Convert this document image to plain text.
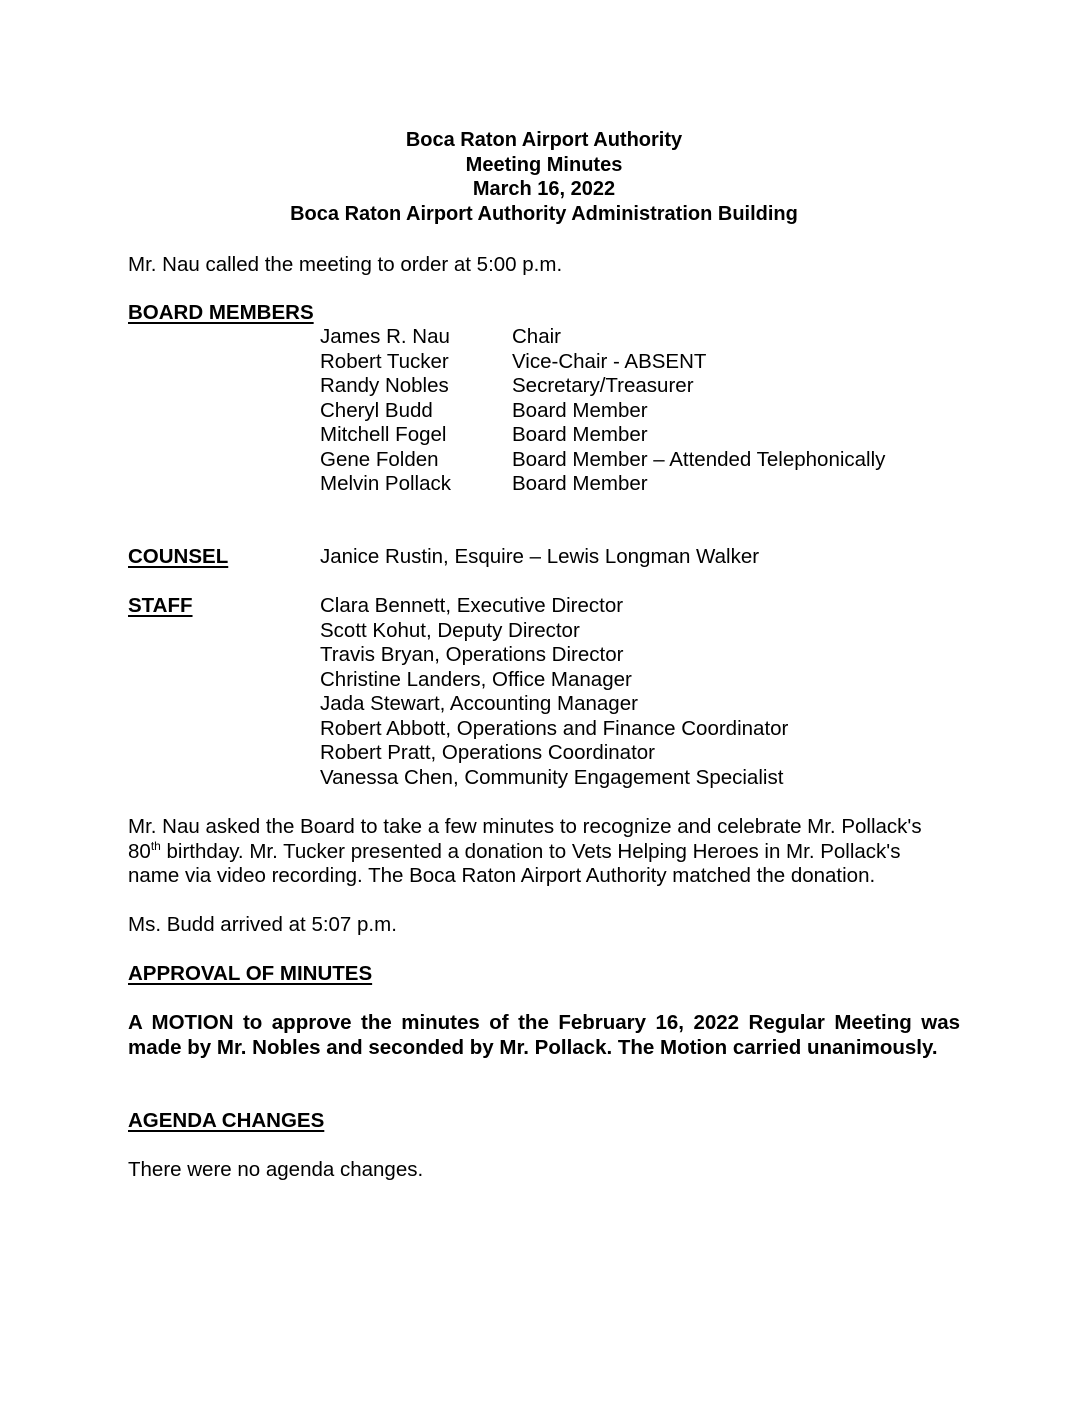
Boca Raton Airport Authority
Meeting Minutes
March 16, 2022
Boca Raton Airport Authority Administration Building
Mr. Nau called the meeting to order at 5:00 p.m.
BOARD MEMBERS
James R. Nau	Chair
Robert Tucker	Vice-Chair - ABSENT
Randy Nobles	Secretary/Treasurer
Cheryl Budd	Board Member
Mitchell Fogel	Board Member
Gene Folden	Board Member – Attended Telephonically
Melvin Pollack	Board Member
COUNSEL	Janice Rustin, Esquire – Lewis Longman Walker
STAFF	Clara Bennett, Executive Director
Scott Kohut, Deputy Director
Travis Bryan, Operations Director
Christine Landers, Office Manager
Jada Stewart, Accounting Manager
Robert Abbott, Operations and Finance Coordinator
Robert Pratt, Operations Coordinator
Vanessa Chen, Community Engagement Specialist
Mr. Nau asked the Board to take a few minutes to recognize and celebrate Mr. Pollack's
80th birthday. Mr. Tucker presented a donation to Vets Helping Heroes in Mr. Pollack's
name via video recording. The Boca Raton Airport Authority matched the donation.
Ms. Budd arrived at 5:07 p.m.
APPROVAL OF MINUTES
A MOTION to approve the minutes of the February 16, 2022 Regular Meeting was made by Mr. Nobles and seconded by Mr. Pollack. The Motion carried unanimously.
AGENDA CHANGES
There were no agenda changes.
